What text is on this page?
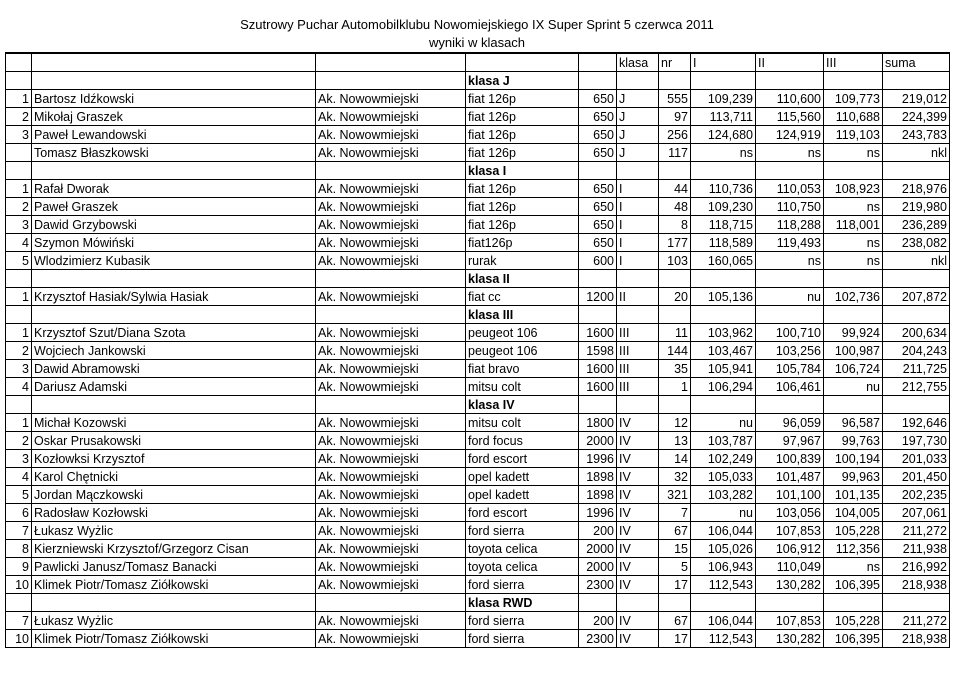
Szutrowy Puchar Automobilklubu Nowomiejskiego IX Super Sprint 5 czerwca 2011
wyniki w klasach
					klasa	nr	I	II	III	suma
			klasa J							
1	Bartosz Idźkowski	Ak. Nowowmiejski	fiat 126p	650	J	555	109,239	110,600	109,773	219,012
2	Mikołaj Graszek	Ak. Nowowmiejski	fiat 126p	650	J	97	113,711	115,560	110,688	224,399
3	Paweł Lewandowski	Ak. Nowowmiejski	fiat 126p	650	J	256	124,680	124,919	119,103	243,783
	Tomasz Błaszkowski	Ak. Nowowmiejski	fiat 126p	650	J	117	ns	ns	ns	nkl
			klasa I							
1	Rafał Dworak	Ak. Nowowmiejski	fiat 126p	650	I	44	110,736	110,053	108,923	218,976
2	Paweł Graszek	Ak. Nowowmiejski	fiat 126p	650	I	48	109,230	110,750	ns	219,980
3	Dawid Grzybowski	Ak. Nowowmiejski	fiat 126p	650	I	8	118,715	118,288	118,001	236,289
4	Szymon Mówiński	Ak. Nowowmiejski	fiat126p	650	I	177	118,589	119,493	ns	238,082
5	Wlodzimierz Kubasik	Ak. Nowowmiejski	rurak	600	I	103	160,065	ns	ns	nkl
			klasa II							
1	Krzysztof Hasiak/Sylwia Hasiak	Ak. Nowowmiejski	fiat cc	1200	II	20	105,136	nu	102,736	207,872
			klasa III							
1	Krzysztof Szut/Diana Szota	Ak. Nowowmiejski	peugeot 106	1600	III	11	103,962	100,710	99,924	200,634
2	Wojciech Jankowski	Ak. Nowowmiejski	peugeot 106	1598	III	144	103,467	103,256	100,987	204,243
3	Dawid Abramowski	Ak. Nowowmiejski	fiat bravo	1600	III	35	105,941	105,784	106,724	211,725
4	Dariusz Adamski	Ak. Nowowmiejski	mitsu colt	1600	III	1	106,294	106,461	nu	212,755
			klasa IV							
1	Michał Kozowski	Ak. Nowowmiejski	mitsu colt	1800	IV	12	nu	96,059	96,587	192,646
2	Oskar Prusakowski	Ak. Nowowmiejski	ford focus	2000	IV	13	103,787	97,967	99,763	197,730
3	Kozłowksi Krzysztof	Ak. Nowowmiejski	ford escort	1996	IV	14	102,249	100,839	100,194	201,033
4	Karol Chętnicki	Ak. Nowowmiejski	opel kadett	1898	IV	32	105,033	101,487	99,963	201,450
5	Jordan Mączkowski	Ak. Nowowmiejski	opel kadett	1898	IV	321	103,282	101,100	101,135	202,235
6	Radosław Kozłowski	Ak. Nowowmiejski	ford escort	1996	IV	7	nu	103,056	104,005	207,061
7	Łukasz Wyżlic	Ak. Nowowmiejski	ford sierra	200	IV	67	106,044	107,853	105,228	211,272
8	Kierzniewski Krzysztof/Grzegorz Cisan	Ak. Nowowmiejski	toyota celica	2000	IV	15	105,026	106,912	112,356	211,938
9	Pawlicki Janusz/Tomasz Banacki	Ak. Nowowmiejski	toyota celica	2000	IV	5	106,943	110,049	ns	216,992
10	Klimek Piotr/Tomasz Ziółkowski	Ak. Nowowmiejski	ford sierra	2300	IV	17	112,543	130,282	106,395	218,938
			klasa RWD							
7	Łukasz Wyżlic	Ak. Nowowmiejski	ford sierra	200	IV	67	106,044	107,853	105,228	211,272
10	Klimek Piotr/Tomasz Ziółkowski	Ak. Nowowmiejski	ford sierra	2300	IV	17	112,543	130,282	106,395	218,938
